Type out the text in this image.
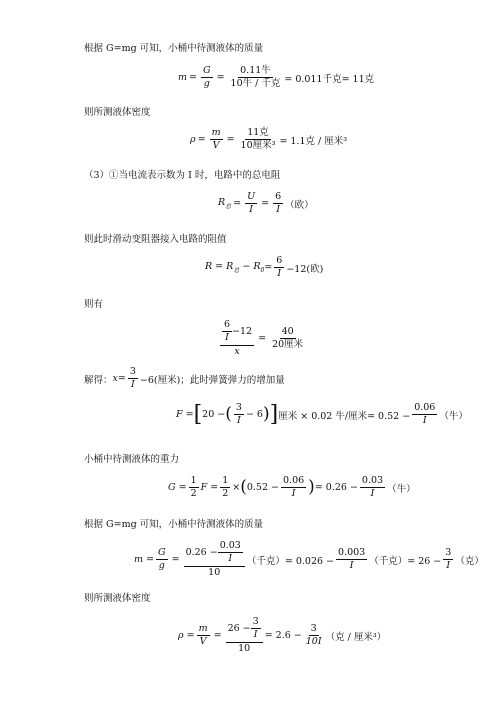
根据 G=mg 可知，小桶中待测液体的质量
$m = \frac{G}{g} = \frac{\text{0.11牛}}{\text{10牛 / 千克}} = 0.011$千克= 11克
则所测液体密度
$\rho = \frac{m}{V} = \frac{\text{11克}}{\text{10厘米³}} = 1.1$克 / 厘米³
（3）①当电流表示数为 I 时，电路中的总电阻
$R_总 = \frac{U}{I} = \frac{6}{I}$ （欧）
则此时滑动变阻器接入电路的阻值
$R = R_总 - R_0 = \frac{6}{I} -12$(欧)
则有
$\frac{\frac{6}{I} -12}{x} = \frac{40}{\text{20厘米}}$
解得： $x = \frac{3}{I} -6$(厘米)；此时弹簧弹力的增加量
F = [ 20 − ( $\frac{3}{I} - 6$ ) ] 厘米 × 0.02 牛/厘米= $0.52 - \frac{0.06}{I}$ （牛）
小桶中待测液体的重力
$G = \frac{1}{2}$ $F = \frac{1}{2}$ × ( $0.52 - \frac{0.06}{I}$ ) = $0.26 - \frac{0.03}{I}$ （牛）
根据 G=mg 可知，小桶中待测液体的质量
$m = \frac{G}{g} = \frac{0.26 - \frac{0.03}{I}}{10}$ （千克）= $0.026 - \frac{0.003}{I}$ （千克）= $26 - \frac{3}{I}$ （克）
则所测液体密度
$\rho = \frac{m}{V} = \frac{26 - \frac{3}{I}}{10} = 2.6 - \frac{3}{10I}$ （克 / 厘米³）
